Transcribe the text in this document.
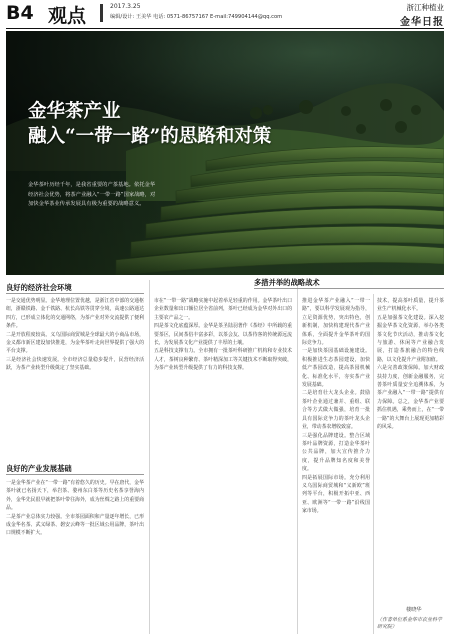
B4 观点	2017.3.25
编辑/设计: 王美华 电话: 0571-86757167 E-mail:749904144@qq.com
浙江种植业
金华日报
金华茶产业
融入“一带一路”的思路和对策
金华茶叶历经千年，是我省重要的产茶基地。依托金华经济社会优势，将茶产业融入“一带一路”国家战略，对加快金华茶业传承发展具有极为重要的战略意义。
良好的经济社会环境

一是交通优势明显。金华地理位置优越，是浙江省中部的交通枢纽，浙赣铁路、金千铁路、杭长高铁等贯穿全境，高速公路通达四方，已形成立体化的交通网络，为茶产业对外交流提供了便利条件。

二是开放程度较高。义乌国际商贸城是全球最大的小商品市场，金义都市新区建设加快推进，为金华茶叶走向世界提供了强大的平台支撑。

三是经济社会快速发展。全市经济总量稳步提升，民营经济活跃，为茶产业转型升级奠定了坚实基础。

良好的产业发展基础

一是金华茶产业在“一带一路”有着悠久的历史。早在唐代，金华茶叶就已名扬天下，举岩茶、婺州东白茶等历史名茶享誉海内外，金华先民很早就把茶叶带往海外，成为丝绸之路上的重要商品。

二是茶产业总体实力较强。全市茶园面积和产量逐年增长，已形成金华名茶、武义绿茶、磐安云峰等一批区域公用品牌，茶叶出口规模不断扩大。

市在“一带一路”战略实施中起着举足轻重的作用。金华茶叶出口企业数量和出口额位居全省前列，茶叶已经成为金华对外出口的主要农产品之一。

四是茶文化底蕴深厚。金华是茶圣陆羽著作《茶经》中所载的重要茶区，民间茶俗丰富多彩，以茶会友、以茶待客的传统源远流长，为发展茶文化产业提供了丰厚的土壤。

五是科技支撑有力。全市拥有一批茶叶科研推广机构和专业技术人才，茶树良种繁育、茶叶精深加工等关键技术不断取得突破，为茶产业转型升级提供了有力的科技支撑。

多措并举的战略战术

推进金华茶产业融入“一带一路”，要以科学发展观为指导，立足资源优势，突出特色，创新机制，加快构建现代茶产业体系，全面提升金华茶叶的国际竞争力。

一是加快茶园基础设施建设。积极推进生态茶园建设，加快低产茶园改造，提高茶园机械化、标准化水平，夯实茶产业发展基础。

二是培育壮大龙头企业。鼓励茶叶企业通过兼并、重组、联合等方式做大做强，培育一批具有国际竞争力的茶叶龙头企业，带动茶农增收致富。

三是强化品牌建设。整合区域茶叶品牌资源，打造金华茶叶公共品牌，加大宣传推介力度，提升品牌知名度和美誉度。

四是拓展国际市场。充分利用义乌国际商贸城和“义新欧”班列等平台，积极开拓中亚、西亚、欧洲等“一带一路”沿线国家市场。

技术，提高茶叶质量，提升茶业生产机械化水平。

五是加强茶文化建设。深入挖掘金华茶文化资源，举办各类茶文化节庆活动，推动茶文化与旅游、休闲等产业融合发展，打造茶旅融合的特色线路，以文化提升产业附加值。

六是完善政策保障。加大财政扶持力度，创新金融服务，完善茶叶质量安全追溯体系，为茶产业融入“一带一路”提供有力保障。总之，金华茶产业要抓住机遇，乘势而上，在“一带一路”的大舞台上展现更加精彩的风采。

楼晓华
（作者单位系金华市农业科学研究院）
